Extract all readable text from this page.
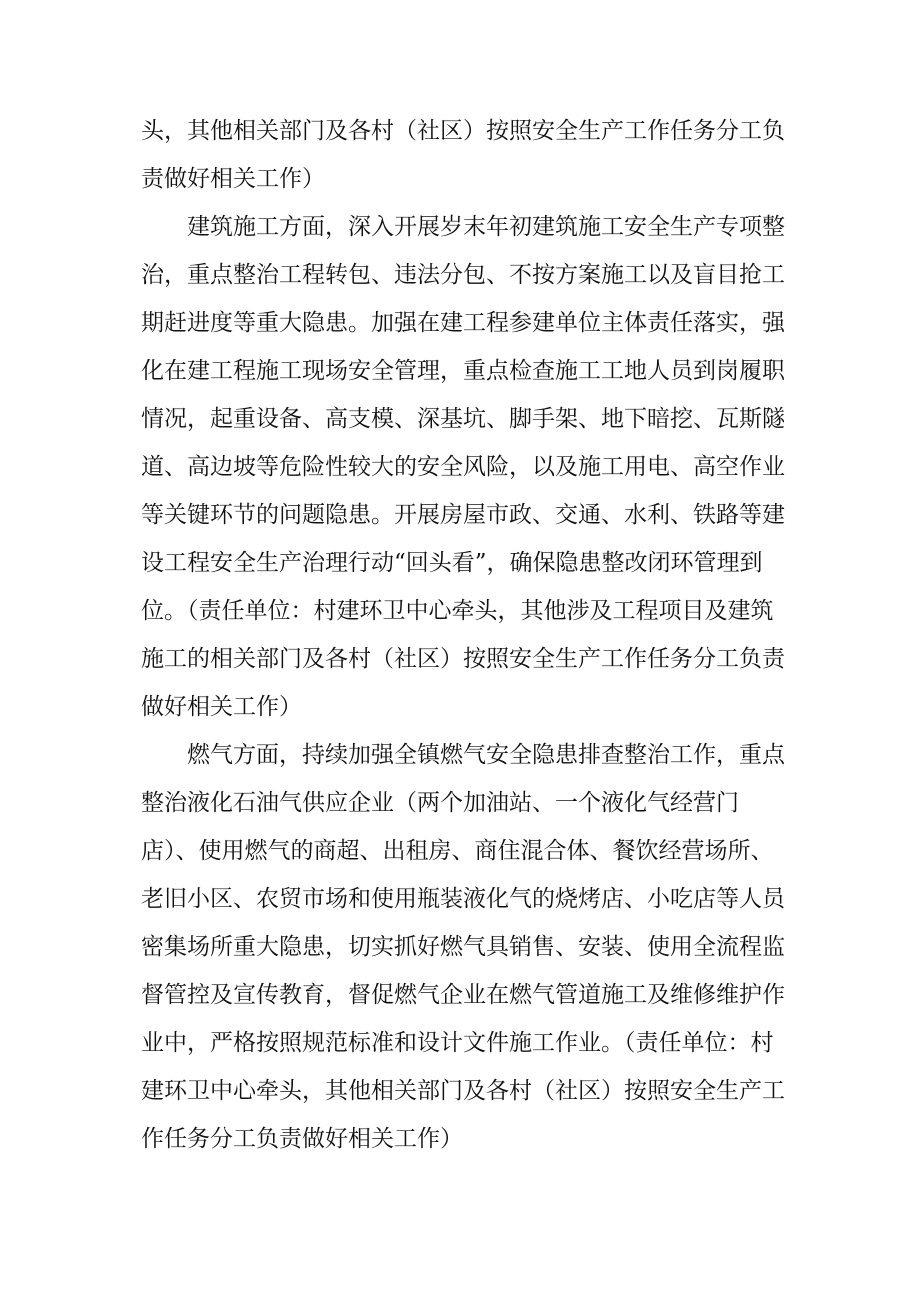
头，其他相关部门及各村（社区）按照安全生产工作任务分工负
责做好相关工作）
建筑施工方面，深入开展岁末年初建筑施工安全生产专项整
治，重点整治工程转包、违法分包、不按方案施工以及盲目抢工
期赶进度等重大隐患。加强在建工程参建单位主体责任落实，强
化在建工程施工现场安全管理，重点检查施工工地人员到岗履职
情况，起重设备、高支模、深基坑、脚手架、地下暗挖、瓦斯隧
道、高边坡等危险性较大的安全风险，以及施工用电、高空作业
等关键环节的问题隐患。开展房屋市政、交通、水利、铁路等建
设工程安全生产治理行动“回头看”，确保隐患整改闭环管理到
位。（责任单位：村建环卫中心牵头，其他涉及工程项目及建筑
施工的相关部门及各村（社区）按照安全生产工作任务分工负责
做好相关工作）
燃气方面，持续加强全镇燃气安全隐患排查整治工作，重点
整治液化石油气供应企业（两个加油站、一个液化气经营门
店）、使用燃气的商超、出租房、商住混合体、餐饮经营场所、
老旧小区、农贸市场和使用瓶装液化气的烧烤店、小吃店等人员
密集场所重大隐患，切实抓好燃气具销售、安装、使用全流程监
督管控及宣传教育，督促燃气企业在燃气管道施工及维修维护作
业中，严格按照规范标准和设计文件施工作业。（责任单位：村
建环卫中心牵头，其他相关部门及各村（社区）按照安全生产工
作任务分工负责做好相关工作）
